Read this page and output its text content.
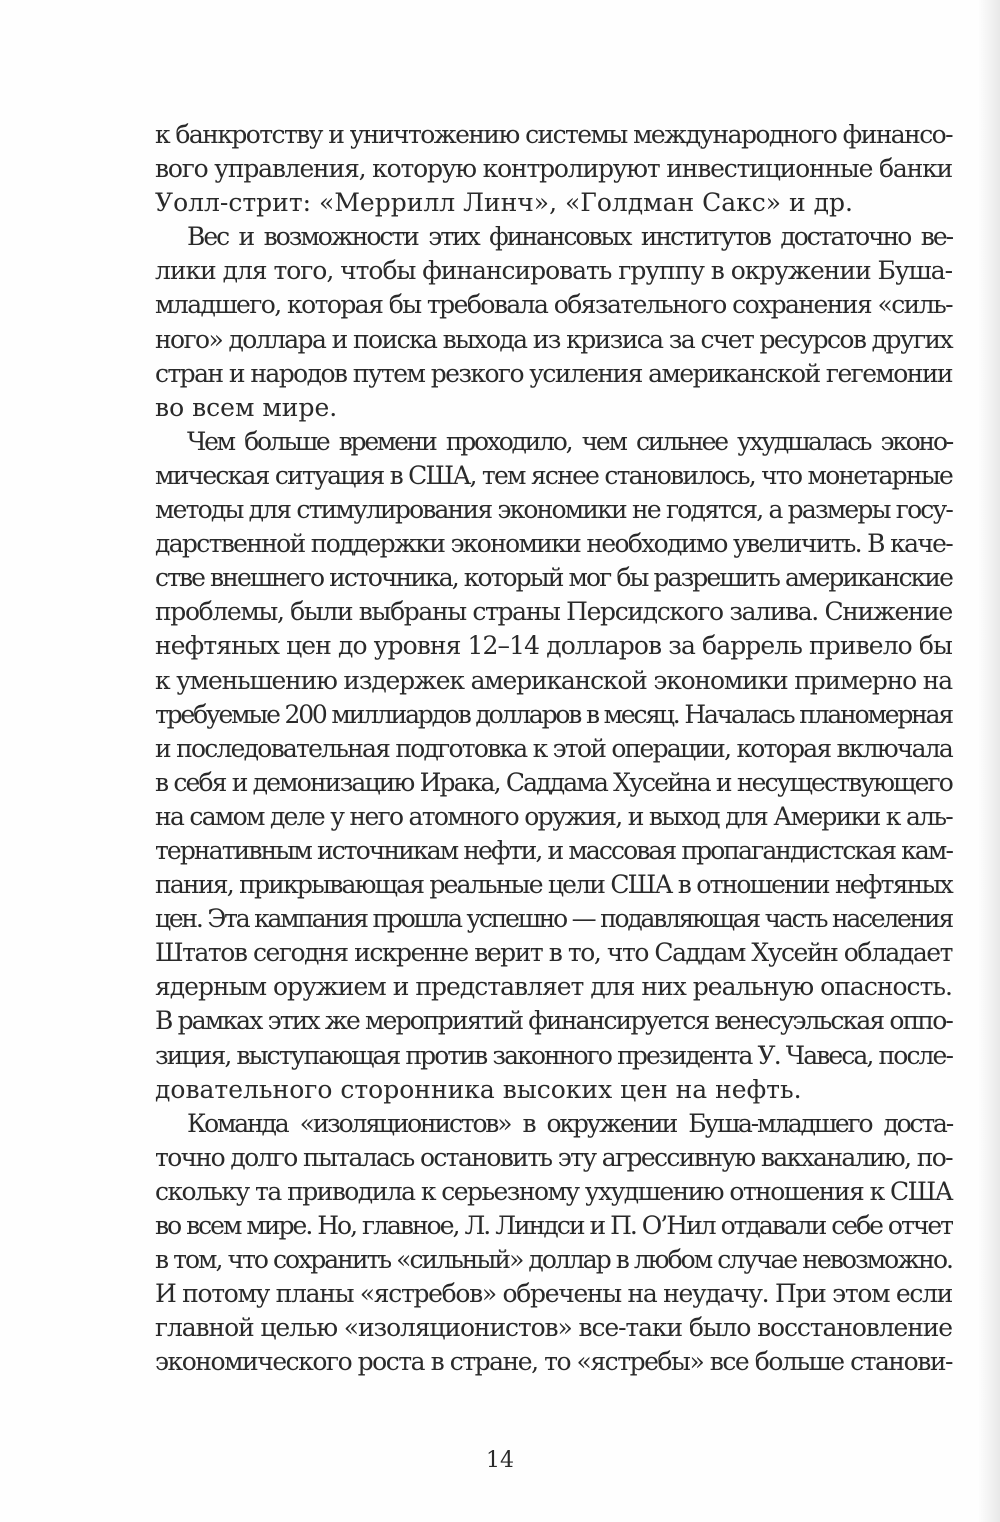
к банкротству и уничтожению системы международного финансо-
вого управления, которую контролируют инвестиционные банки
Уолл-стрит: «Меррилл Линч», «Голдман Сакс» и др.

Вес и возможности этих финансовых институтов достаточно ве-
лики для того, чтобы финансировать группу в окружении Буша-
младшего, которая бы требовала обязательного сохранения «силь-
ного» доллара и поиска выхода из кризиса за счет ресурсов других
стран и народов путем резкого усиления американской гегемонии
во всем мире.

Чем больше времени проходило, чем сильнее ухудшалась эконо-
мическая ситуация в США, тем яснее становилось, что монетарные
методы для стимулирования экономики не годятся, а размеры госу-
дарственной поддержки экономики необходимо увеличить. В каче-
стве внешнего источника, который мог бы разрешить американские
проблемы, были выбраны страны Персидского залива. Снижение
нефтяных цен до уровня 12–14 долларов за баррель привело бы
к уменьшению издержек американской экономики примерно на
требуемые 200 миллиардов долларов в месяц. Началась планомерная
и последовательная подготовка к этой операции, которая включала
в себя и демонизацию Ирака, Саддама Хусейна и несуществующего
на самом деле у него атомного оружия, и выход для Америки к аль-
тернативным источникам нефти, и массовая пропагандистская кам-
пания, прикрывающая реальные цели США в отношении нефтяных
цен. Эта кампания прошла успешно — подавляющая часть населения
Штатов сегодня искренне верит в то, что Саддам Хусейн обладает
ядерным оружием и представляет для них реальную опасность.
В рамках этих же мероприятий финансируется венесуэльская оппо-
зиция, выступающая против законного президента У. Чавеса, после-
довательного сторонника высоких цен на нефть.

Команда «изоляционистов» в окружении Буша-младшего доста-
точно долго пыталась остановить эту агрессивную вакханалию, по-
скольку та приводила к серьезному ухудшению отношения к США
во всем мире. Но, главное, Л. Линдси и П. О’Нил отдавали себе отчет
в том, что сохранить «сильный» доллар в любом случае невозможно.
И потому планы «ястребов» обречены на неудачу. При этом если
главной целью «изоляционистов» все-таки было восстановление
экономического роста в стране, то «ястребы» все больше станови-

14
